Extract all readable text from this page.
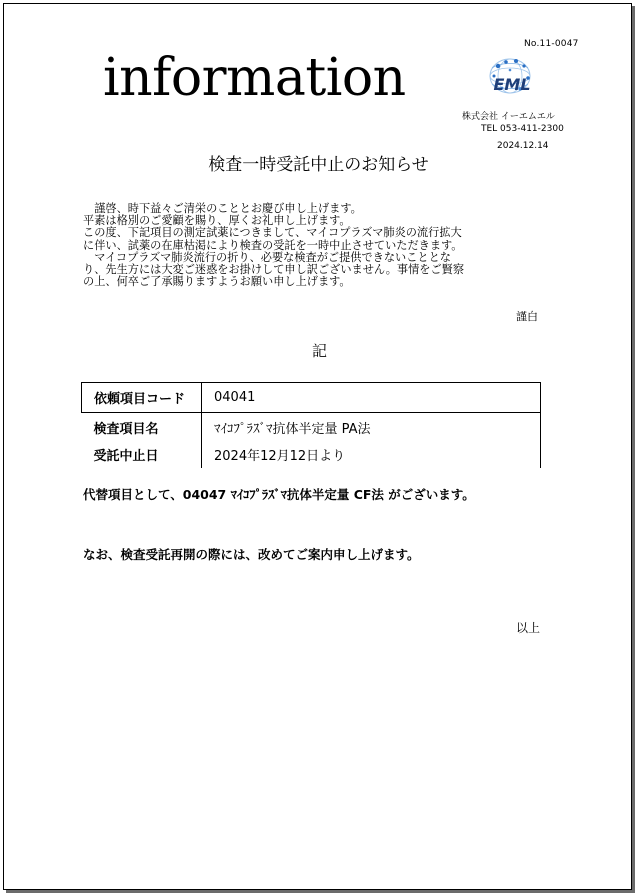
No.11-0047
information	EML
株式会社 イーエムエル
TEL 053-411-2300
2024.12.14
検査一時受託中止のお知らせ

　謹啓、時下益々ご清栄のこととお慶び申し上げます。

平素は格別のご愛顧を賜り、厚くお礼申し上げます。

この度、下記項目の測定試薬につきまして、マイコプラズマ肺炎の流行拡大

に伴い、試薬の在庫枯渇により検査の受託を一時中止させていただきます。

　マイコプラズマ肺炎流行の折り、必要な検査がご提供できないこととな

り、先生方には大変ご迷惑をお掛けして申し訳ございません。事情をご賢察

の上、何卒ご了承賜りますようお願い申し上げます。

謹白
記
依頼項目コード	04041
検査項目名	ﾏｲｺﾌﾟﾗｽﾞﾏ抗体半定量 PA法
受託中止日	2024年12月12日より
代替項目として、04047 ﾏｲｺﾌﾟﾗｽﾞﾏ抗体半定量 CF法 がございます。
なお、検査受託再開の際には、改めてご案内申し上げます。
以上
